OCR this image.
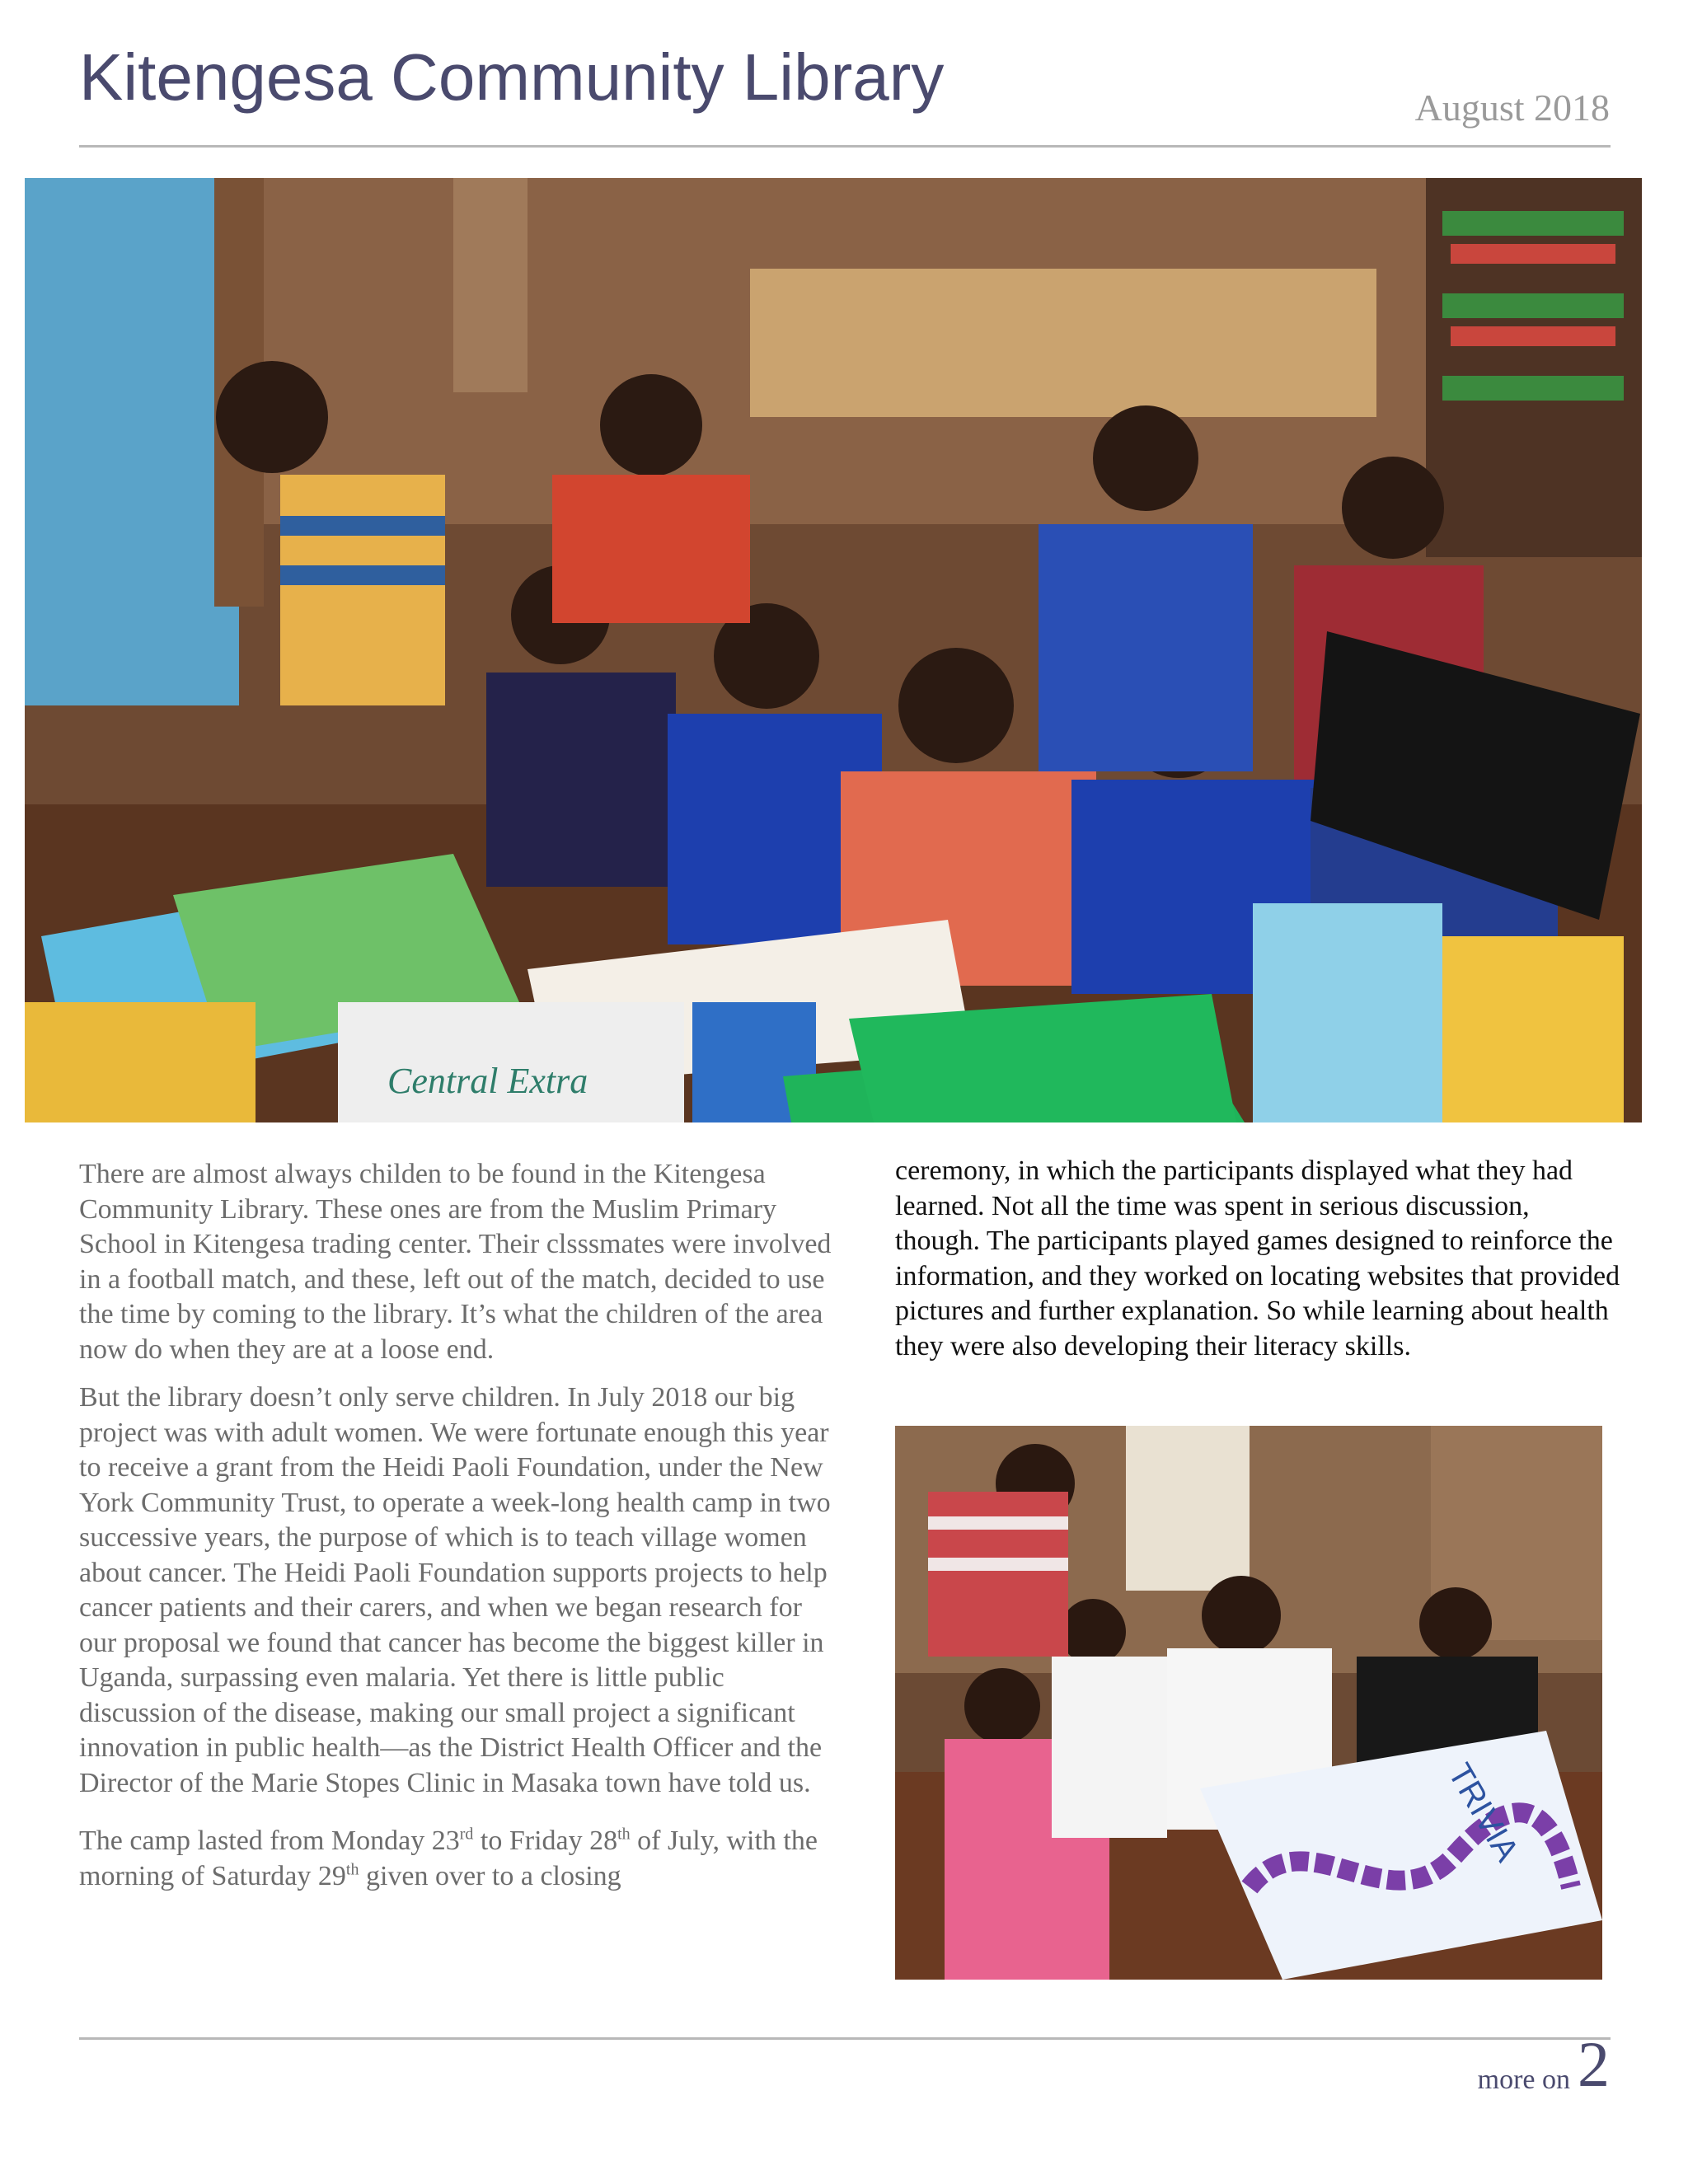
Kitengesa Community Library	August 2018
Central Extra

There are almost always childen to be found in the Kitengesa Community Library. These ones are from the Muslim Primary School in Kitengesa trading center. Their clsssmates were involved in a football match, and these, left out of the match, decided to use the time by coming to the library. It’s what the children of the area now do when they are at a loose end.

But the library doesn’t only serve children. In July 2018 our big project was with adult women. We were fortunate enough this year to receive a grant from the Heidi Paoli Foundation, under the New York Community Trust, to operate a week-long health camp in two successive years, the purpose of which is to teach village women about cancer. The Heidi Paoli Foundation supports projects to help cancer patients and their carers, and when we began research for our proposal we found that cancer has become the biggest killer in Uganda, surpassing even malaria. Yet there is little public discussion of the disease, making our small project a significant innovation in public health—as the District Health Officer and the Director of the Marie Stopes Clinic in Masaka town have told us.

The camp lasted from Monday 23rd to Friday 28th of July, with the morning of Saturday 29th given over to a closing

ceremony, in which the participants displayed what they had learned. Not all the time was spent in serious discussion, though. The participants played games designed to reinforce the information, and they worked on locating websites that provided pictures and further explanation. So while learning about health they were also developing their literacy skills.

TRIVIA
more on 2
